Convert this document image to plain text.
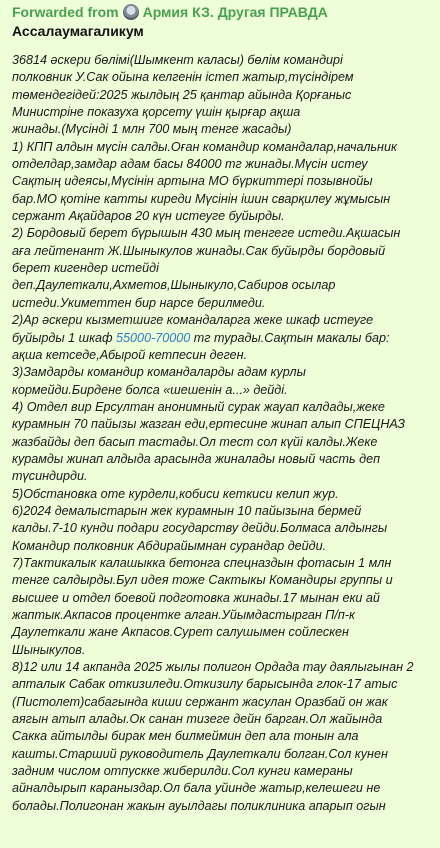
Forwarded from Армия КЗ. Другая ПРАВДА
Ассалаумагаликум
36814 әскери бөлімі(Шымкент каласы) бөлім командирі
полковник У.Сак ойына келгенін істеп жатыр,түсіндірем
төмендегідей:2025 жылдың 25 қантар айында Қорғаныс
Министрінe показуха қорсету үшін қырғар ақша
жинады.(Мүсінді 1 млн 700 мың тенге жасады)
1) КПП алдын мүсін салды.Оған командир командалар,начальник
отделдар,замдар адам басы 84000 тг жинады.Мүсін истеу
Сақтың идеясы,Мүсінін артына МО бүркиттері позывнойы
бар.МО қотіне катты киреди Мүсінін ішин сварқилеу жұмысын
сержант Ақайдаров 20 күн истеуге буйырды.
2) Бордовый берет бүрышын 430 мың тенгеге истеди.Ақшасын
аға лейтенант Ж.Шыныкулов жинады.Сак буйырды бордовый
берет кигендер истейді
деп.Даулеткали,Ахметов,Шыныкуло,Сабиров осылар
истеди.Укиметтен бир нарсе берилмеди.
2)Ар әскери кызметшиге командаларга жеке шкаф истеуге
буйырды 1 шкаф 55000-70000 тг турады.Сақтын макалы бар:
ақша кетседе,Абырой кетпесин деген.
3)Замдарды командир командаларды адам курлы
кормейди.Бирдене болса «шешенін а...» дейді.
4) Отдел вир Ерсултан анонимный сурак жауап калдады,жеке
курамнын 70 пайызы жазган еди,ертесине жинап алып СПЕЦНАЗ
жазбайды деп басып тастады.Ол тест сол күйі калды.Жеке
курамды жинап алдыда арасында жиналады новый часть деп
түсиндирди.
5)Обстановка оте курдели,кобиси кеткиси келип жур.
6)2024 демалыстарын жек курамнын 10 пайызына бермей
калды.7-10 кунди подари государству дейди.Болмаса алдынгы
Командир полковник Абдирайымнан сурандар дейди.
7)Тактикалык калашыкка бетонга спецназдын фотасын 1 млн
тенге салдырды.Бул идея тоже Сактыкы Командиры группы и
высшее и отдел боевой подготовка жинады.17 мынан еки ай
жаптык.Акпасов проценткe алган.Уйымдастырган П/п-к
Даулеткали жане Акпасов.Сурет салушымен сойлескен
Шыныкулов.
8)12 или 14 акпанда 2025 жылы полигон Ордада тау даялыгынан 2
апталык Сабак откизиледи.Откизилу барысында глок-17 атыс
(Пистолет)сабагында киши сержант жасулан Оразбай он жак
аягын атып алады.Ок санан тизеге дейн барган.Ол жайында
Сакка айтылды бирак мен билмеймин деп ала тонын ала
кашты.Старший руководитель Даулеткали болган.Сол кунен
задним числом отпускке жиберилди.Сол кунги камераны
айналдырып караныздар.Ол бала уйинде жатыр,келешеги не
болады.Полигонан жакын ауылдагы поликлиника апарып огын
